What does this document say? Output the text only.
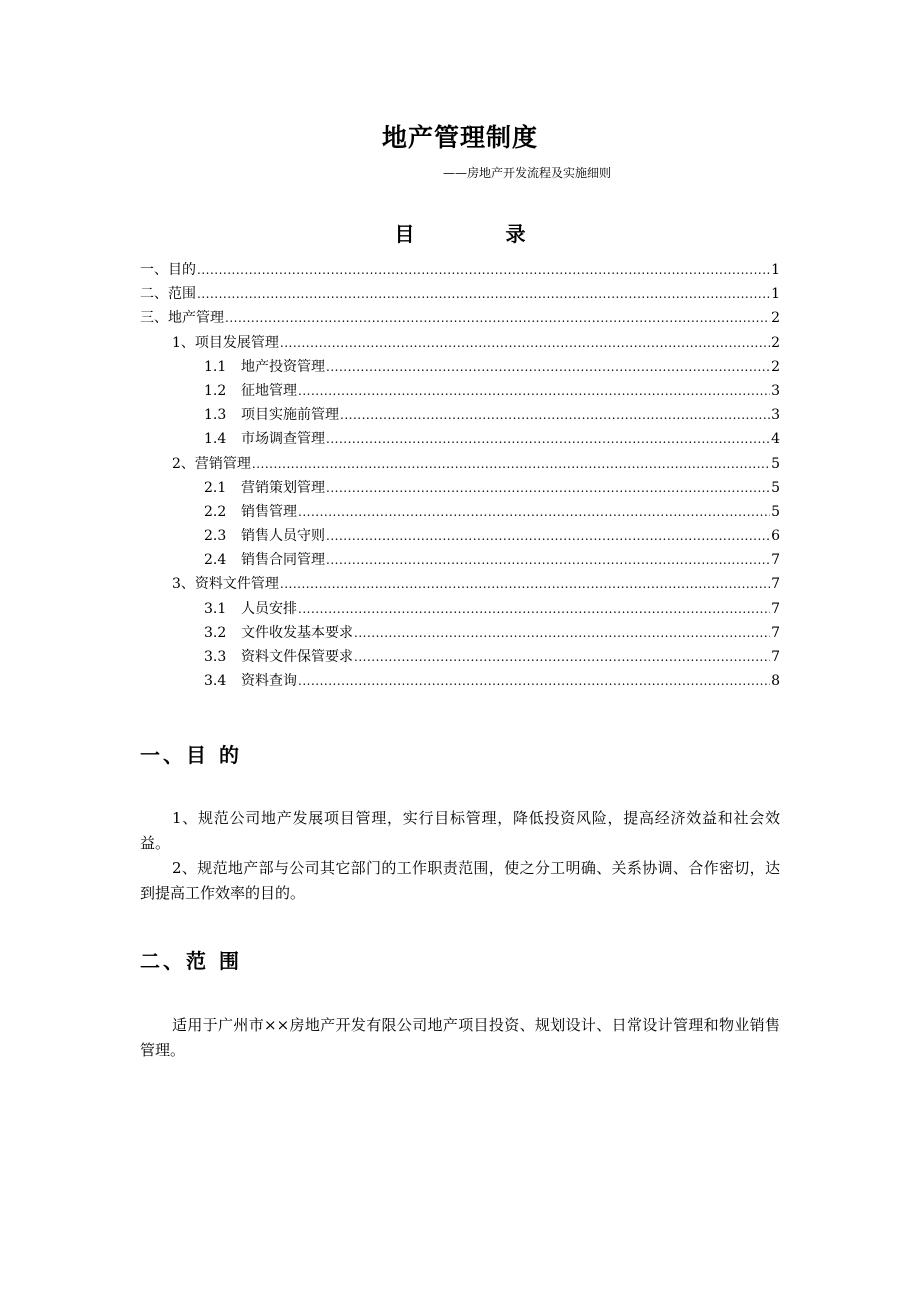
地产管理制度
——房地产开发流程及实施细则
目 录
一、目的 .....	1
二、范围 .....	1
三、地产管理 .....	2
1、项目发展管理 .....	2
1.1	地产投资管理 .....	2
1.2	征地管理 .....	3
1.3	项目实施前管理 .....	3
1.4	市场调查管理 .....	4
2、营销管理 .....	5
2.1	营销策划管理 .....	5
2.2	销售管理 .....	5
2.3	销售人员守则 .....	6
2.4	销售合同管理 .....	7
3、资料文件管理 .....	7
3.1	人员安排 .....	7
3.2	文件收发基本要求 .....	7
3.3	资料文件保管要求 .....	7
3.4	资料查询 .....	8
一、目 的

1、规范公司地产发展项目管理，实行目标管理，降低投资风险，提高经济效益和社会效益。

2、规范地产部与公司其它部门的工作职责范围，使之分工明确、关系协调、合作密切，达到提高工作效率的目的。

二、范 围

适用于广州市××房地产开发有限公司地产项目投资、规划设计、日常设计管理和物业销售管理。
